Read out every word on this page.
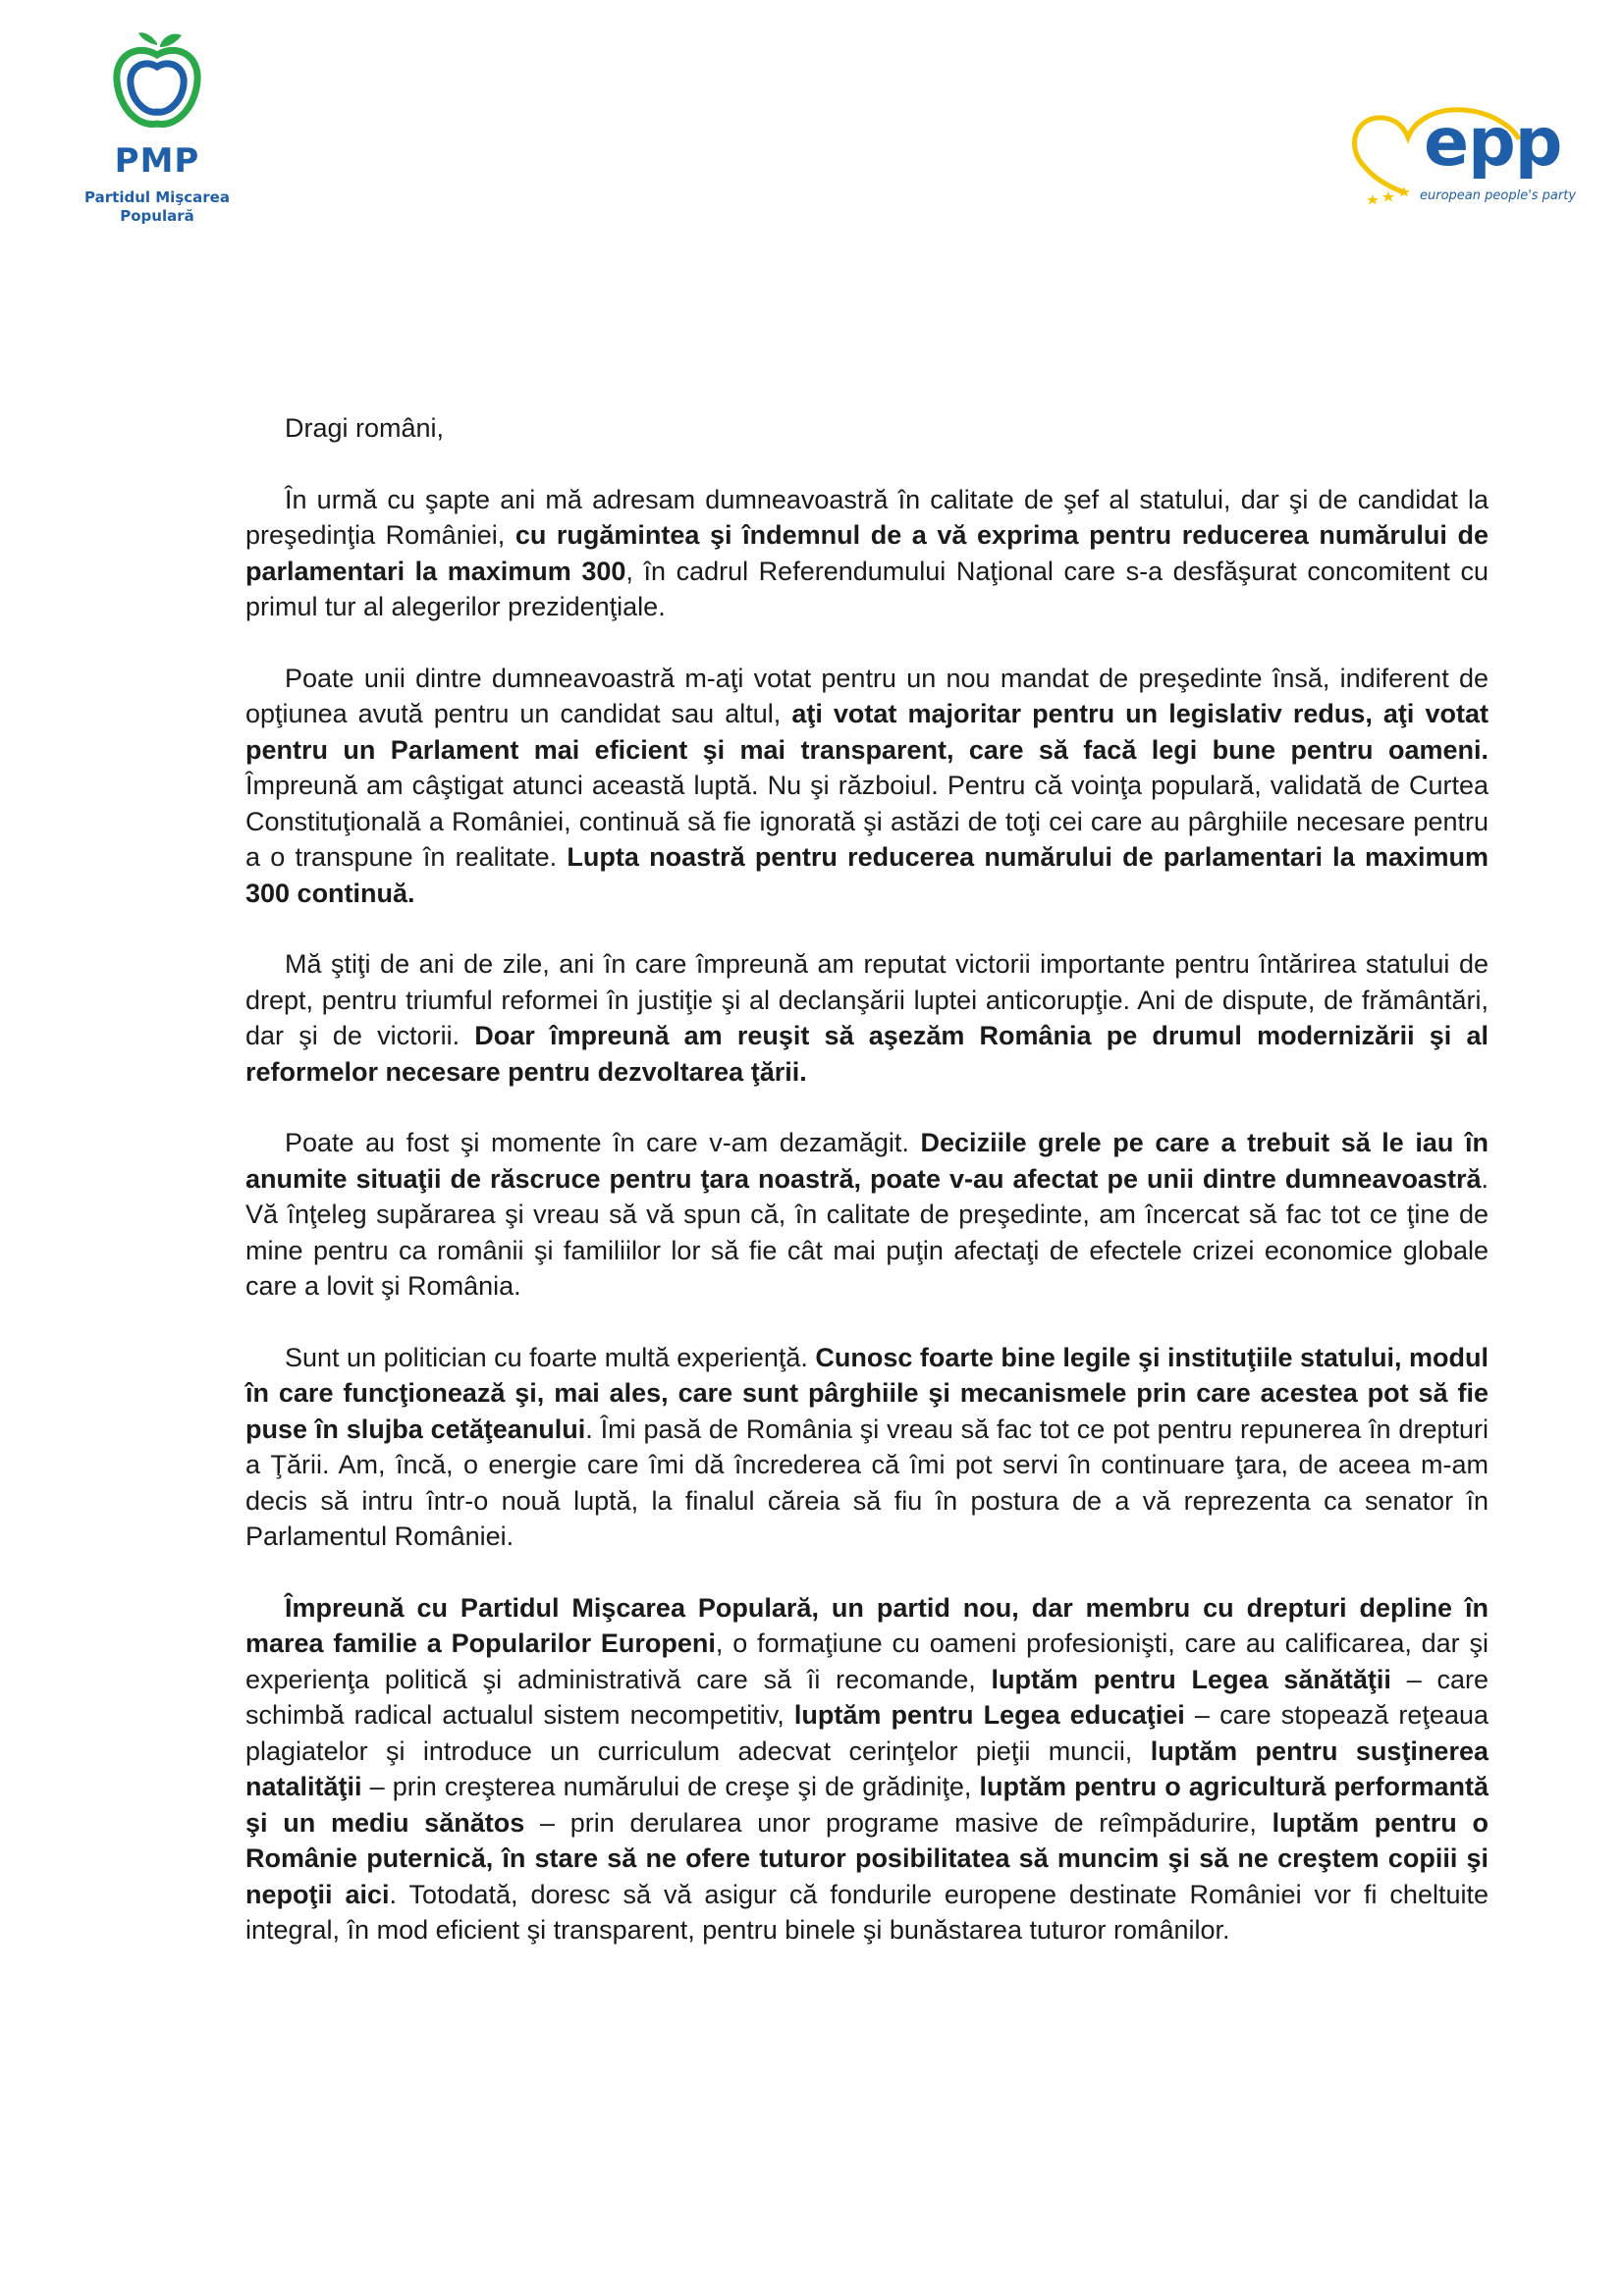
PMP
Partidul Mişcarea
Populară
epp
european people's party

Dragi români,

În urmă cu şapte ani mă adresam dumneavoastră în calitate de şef al statului, dar şi de candidat la preşedinţia României, cu rugămintea şi îndemnul de a vă exprima pentru reducerea numărului de parlamentari la maximum 300, în cadrul Referendumului Naţional care s-a desfăşurat concomitent cu primul tur al alegerilor prezidenţiale.

Poate unii dintre dumneavoastră m-aţi votat pentru un nou mandat de preşedinte însă, indiferent de opţiunea avută pentru un candidat sau altul, aţi votat majoritar pentru un legislativ redus, aţi votat pentru un Parlament mai eficient şi mai transparent, care să facă legi bune pentru oameni. Împreună am câştigat atunci această luptă. Nu şi războiul. Pentru că voinţa populară, validată de Curtea Constituţională a României, continuă să fie ignorată şi astăzi de toţi cei care au pârghiile necesare pentru a o transpune în realitate. Lupta noastră pentru reducerea numărului de parlamentari la maximum 300 continuă.

Mă ştiţi de ani de zile, ani în care împreună am reputat victorii importante pentru întărirea statului de drept, pentru triumful reformei în justiţie şi al declanşării luptei anticorupţie. Ani de dispute, de frământări, dar şi de victorii. Doar împreună am reuşit să aşezăm România pe drumul modernizării şi al reformelor necesare pentru dezvoltarea ţării.

Poate au fost şi momente în care v-am dezamăgit. Deciziile grele pe care a trebuit să le iau în anumite situaţii de răscruce pentru ţara noastră, poate v-au afectat pe unii dintre dumneavoastră. Vă înţeleg supărarea şi vreau să vă spun că, în calitate de preşedinte, am încercat să fac tot ce ţine de mine pentru ca românii şi familiilor lor să fie cât mai puţin afectaţi de efectele crizei economice globale care a lovit şi România.

Sunt un politician cu foarte multă experienţă. Cunosc foarte bine legile şi instituţiile statului, modul în care funcţionează şi, mai ales, care sunt pârghiile şi mecanismele prin care acestea pot să fie puse în slujba cetăţeanului. Îmi pasă de România şi vreau să fac tot ce pot pentru repunerea în drepturi a Ţării. Am, încă, o energie care îmi dă încrederea că îmi pot servi în continuare ţara, de aceea m-am decis să intru într-o nouă luptă, la finalul căreia să fiu în postura de a vă reprezenta ca senator în Parlamentul României.

Împreună cu Partidul Mişcarea Populară, un partid nou, dar membru cu drepturi depline în marea familie a Popularilor Europeni, o formaţiune cu oameni profesionişti, care au calificarea, dar şi experienţa politică şi administrativă care să îi recomande, luptăm pentru Legea sănătăţii – care schimbă radical actualul sistem necompetitiv, luptăm pentru Legea educaţiei – care stopează reţeaua plagiatelor şi introduce un curriculum adecvat cerinţelor pieţii muncii, luptăm pentru susţinerea natalităţii – prin creşterea numărului de creşe şi de grădiniţe, luptăm pentru o agricultură performantă şi un mediu sănătos – prin derularea unor programe masive de reîmpădurire, luptăm pentru o Românie puternică, în stare să ne ofere tuturor posibilitatea să muncim şi să ne creştem copiii şi nepoţii aici. Totodată, doresc să vă asigur că fondurile europene destinate României vor fi cheltuite integral, în mod eficient şi transparent, pentru binele şi bunăstarea tuturor românilor.
